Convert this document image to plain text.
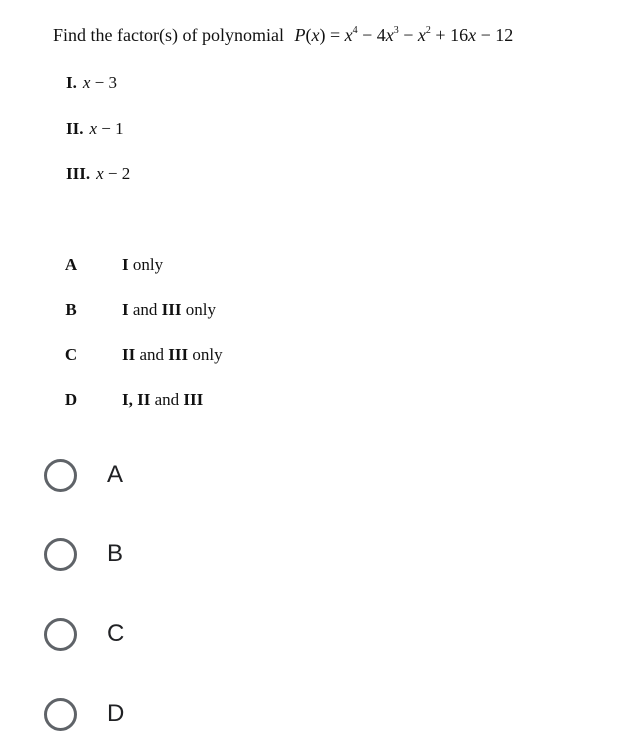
Find the factor(s) of polynomial $P(x) = x^4 - 4x^3 - x^2 + 16x - 12$
I. x − 3
II. x − 1
III. x − 2
A	I only
B	I and III only
C	II and III only
D	I, II and III
A
B
C
D
